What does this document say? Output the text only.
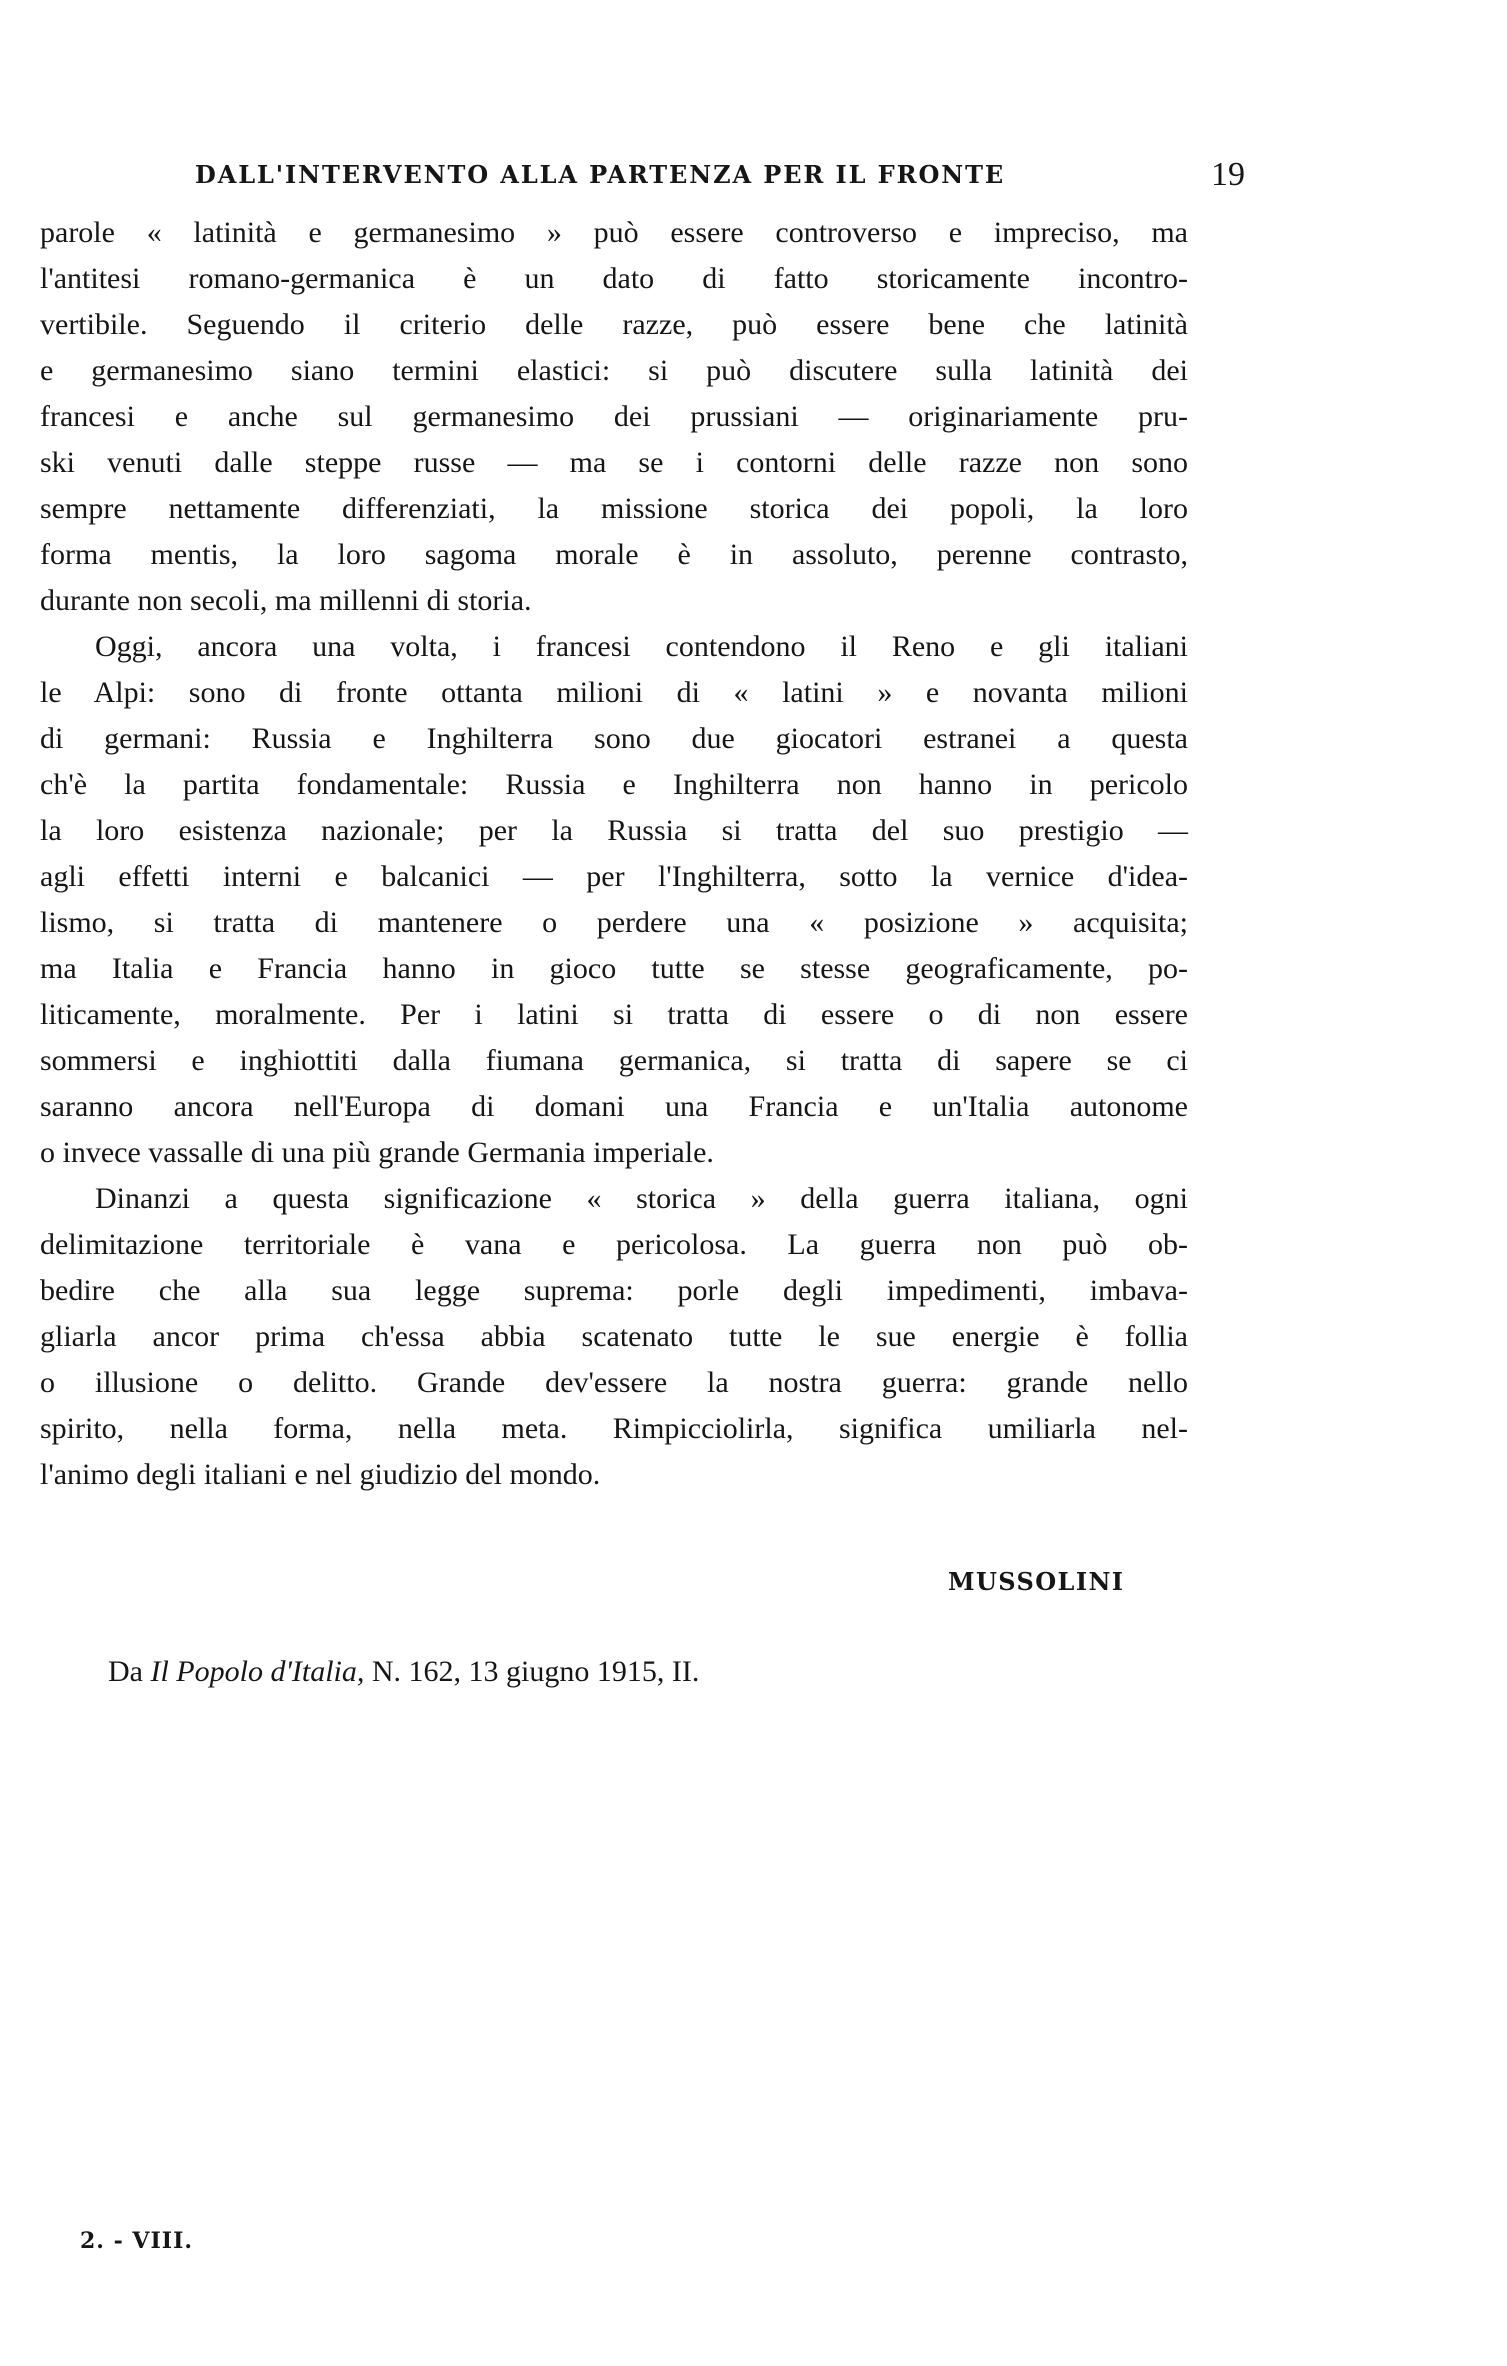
DALL'INTERVENTO ALLA PARTENZA PER IL FRONTE	19
parole « latinità e germanesimo » può essere controverso e impreciso, ma
l'antitesi romano-germanica è un dato di fatto storicamente incontro-
vertibile. Seguendo il criterio delle razze, può essere bene che latinità
e germanesimo siano termini elastici: si può discutere sulla latinità dei
francesi e anche sul germanesimo dei prussiani — originariamente pru-
ski venuti dalle steppe russe — ma se i contorni delle razze non sono
sempre nettamente differenziati, la missione storica dei popoli, la loro
forma mentis, la loro sagoma morale è in assoluto, perenne contrasto,
durante non secoli, ma millenni di storia.
Oggi, ancora una volta, i francesi contendono il Reno e gli italiani
le Alpi: sono di fronte ottanta milioni di « latini » e novanta milioni
di germani: Russia e Inghilterra sono due giocatori estranei a questa
ch'è la partita fondamentale: Russia e Inghilterra non hanno in pericolo
la loro esistenza nazionale; per la Russia si tratta del suo prestigio —
agli effetti interni e balcanici — per l'Inghilterra, sotto la vernice d'idea-
lismo, si tratta di mantenere o perdere una « posizione » acquisita;
ma Italia e Francia hanno in gioco tutte se stesse geograficamente, po-
liticamente, moralmente. Per i latini si tratta di essere o di non essere
sommersi e inghiottiti dalla fiumana germanica, si tratta di sapere se ci
saranno ancora nell'Europa di domani una Francia e un'Italia autonome
o invece vassalle di una più grande Germania imperiale.
Dinanzi a questa significazione « storica » della guerra italiana, ogni
delimitazione territoriale è vana e pericolosa. La guerra non può ob-
bedire che alla sua legge suprema: porle degli impedimenti, imbava-
gliarla ancor prima ch'essa abbia scatenato tutte le sue energie è follia
o illusione o delitto. Grande dev'essere la nostra guerra: grande nello
spirito, nella forma, nella meta. Rimpicciolirla, significa umiliarla nel-
l'animo degli italiani e nel giudizio del mondo.
MUSSOLINI
Da Il Popolo d'Italia, N. 162, 13 giugno 1915, II.
2. - VIII.
